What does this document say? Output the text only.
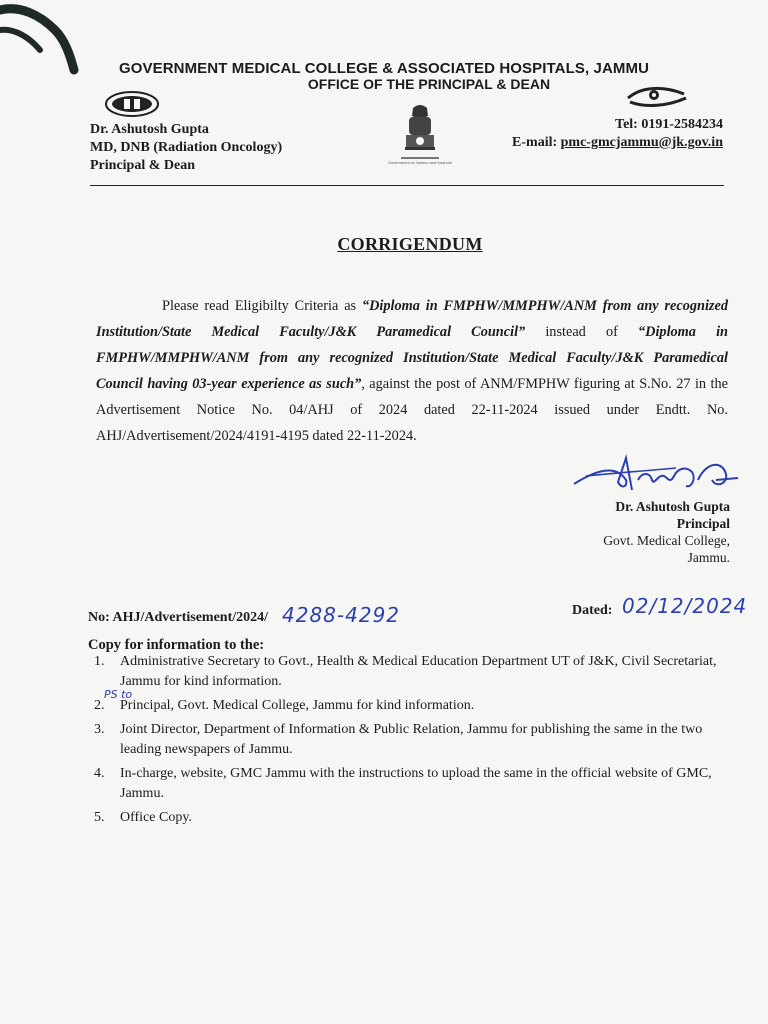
GOVERNMENT MEDICAL COLLEGE & ASSOCIATED HOSPITALS, JAMMU
OFFICE OF THE PRINCIPAL & DEAN
Government of Jammu and Kashmir
Dr. Ashutosh Gupta
MD, DNB (Radiation Oncology)
Principal & Dean
Tel: 0191-2584234
E-mail: pmc-gmcjammu@jk.gov.in
CORRIGENDUM
Please read Eligibilty Criteria as “Diploma in FMPHW/MMPHW/ANM from any recognized Institution/State Medical Faculty/J&K Paramedical Council” instead of “Diploma in FMPHW/MMPHW/ANM from any recognized Institution/State Medical Faculty/J&K Paramedical Council having 03-year experience as such”, against the post of ANM/FMPHW figuring at S.No. 27 in the Advertisement Notice No. 04/AHJ of 2024 dated 22-11-2024 issued under Endtt. No. AHJ/Advertisement/2024/4191-4195 dated 22-11-2024.
Dr. Ashutosh Gupta
Principal
Govt. Medical College,
Jammu.
No: AHJ/Advertisement/2024/ 4288-4292	Dated: 02/12/2024
Copy for information to the:
PS to
1.	Administrative Secretary to Govt., Health & Medical Education Department UT of J&K, Civil Secretariat, Jammu for kind information.
2.	Principal, Govt. Medical College, Jammu for kind information.
3.	Joint Director, Department of Information & Public Relation, Jammu for publishing the same in the two leading newspapers of Jammu.
4.	In-charge, website, GMC Jammu with the instructions to upload the same in the official website of GMC, Jammu.
5.	Office Copy.
